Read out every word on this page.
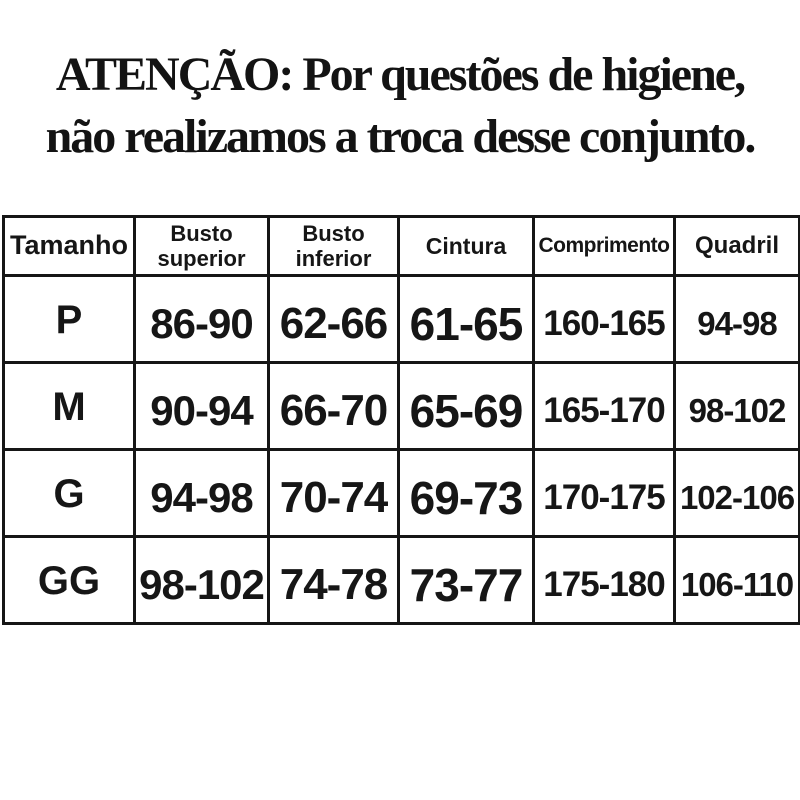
ATENÇÃO: Por questões de higiene,
não realizamos a troca desse conjunto.
Tamanho	Busto superior	Busto inferior	Cintura	Comprimento	Quadril
P	86-90	62-66	61-65	160-165	94-98
M	90-94	66-70	65-69	165-170	98-102
G	94-98	70-74	69-73	170-175	102-106
GG	98-102	74-78	73-77	175-180	106-110
